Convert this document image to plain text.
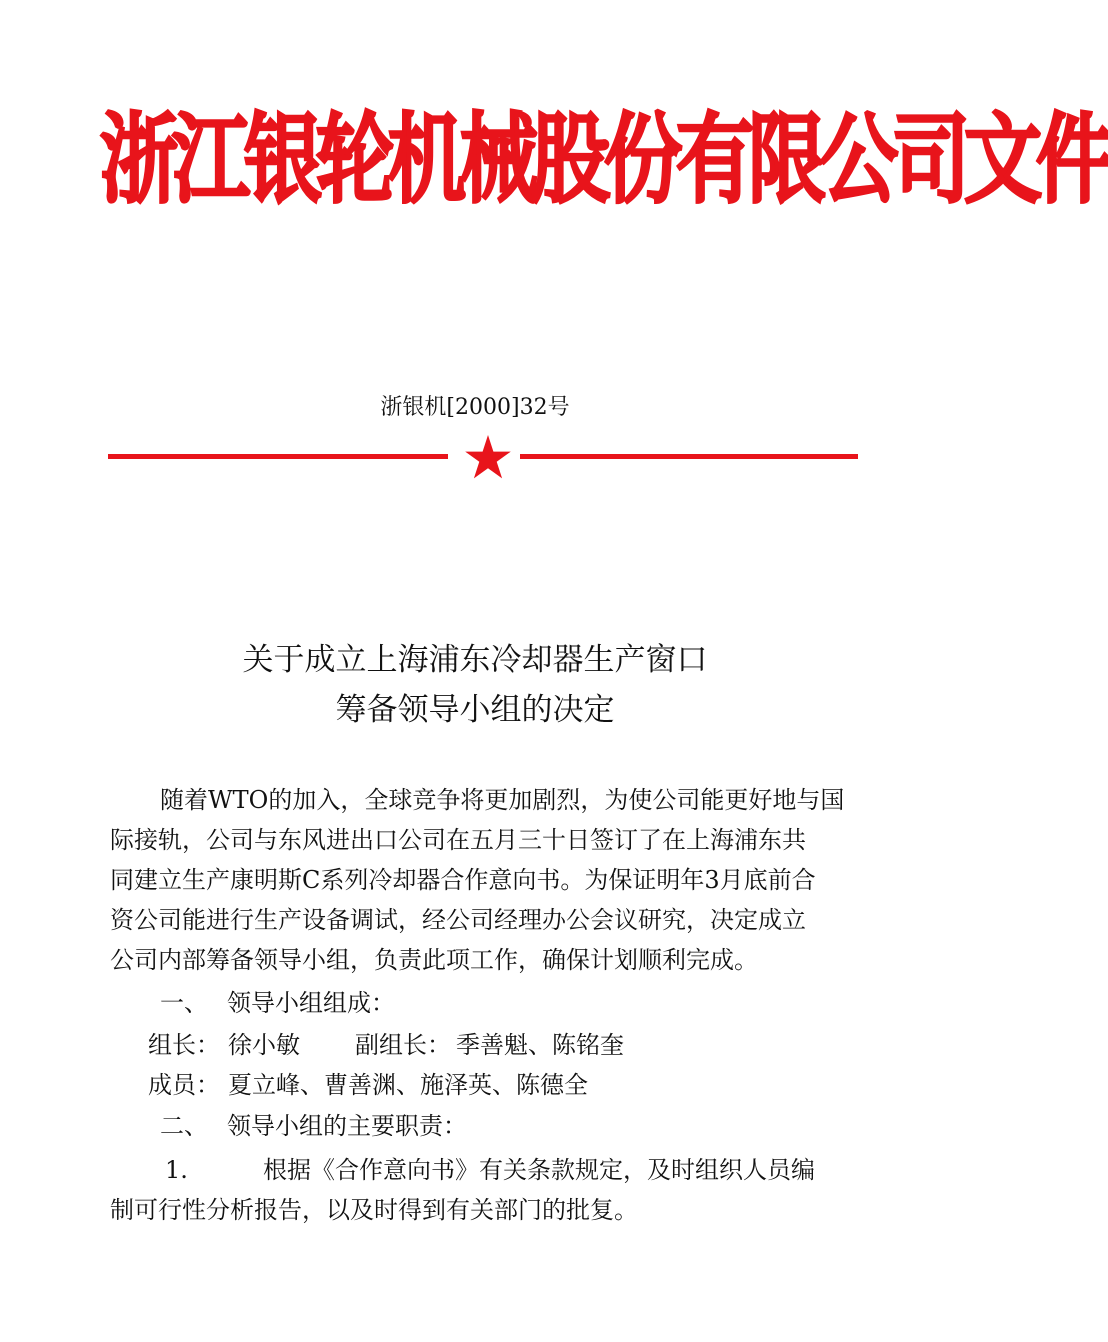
浙江银轮机械股份有限公司文件
浙银机[2000]32号
关于成立上海浦东冷却器生产窗口
筹备领导小组的决定
随着WTO的加入，全球竞争将更加剧烈，为使公司能更好地与国
际接轨，公司与东风进出口公司在五月三十日签订了在上海浦东共
同建立生产康明斯C系列冷却器合作意向书。为保证明年3月底前合
资公司能进行生产设备调试，经公司经理办公会议研究，决定成立
公司内部筹备领导小组，负责此项工作，确保计划顺利完成。
一、 领导小组组成：
组长： 徐小敏	副组长： 季善魁、陈铭奎
成员： 夏立峰、曹善渊、施泽英、陈德全
二、 领导小组的主要职责：
1.	根据《合作意向书》有关条款规定，及时组织人员编
制可行性分析报告，以及时得到有关部门的批复。
